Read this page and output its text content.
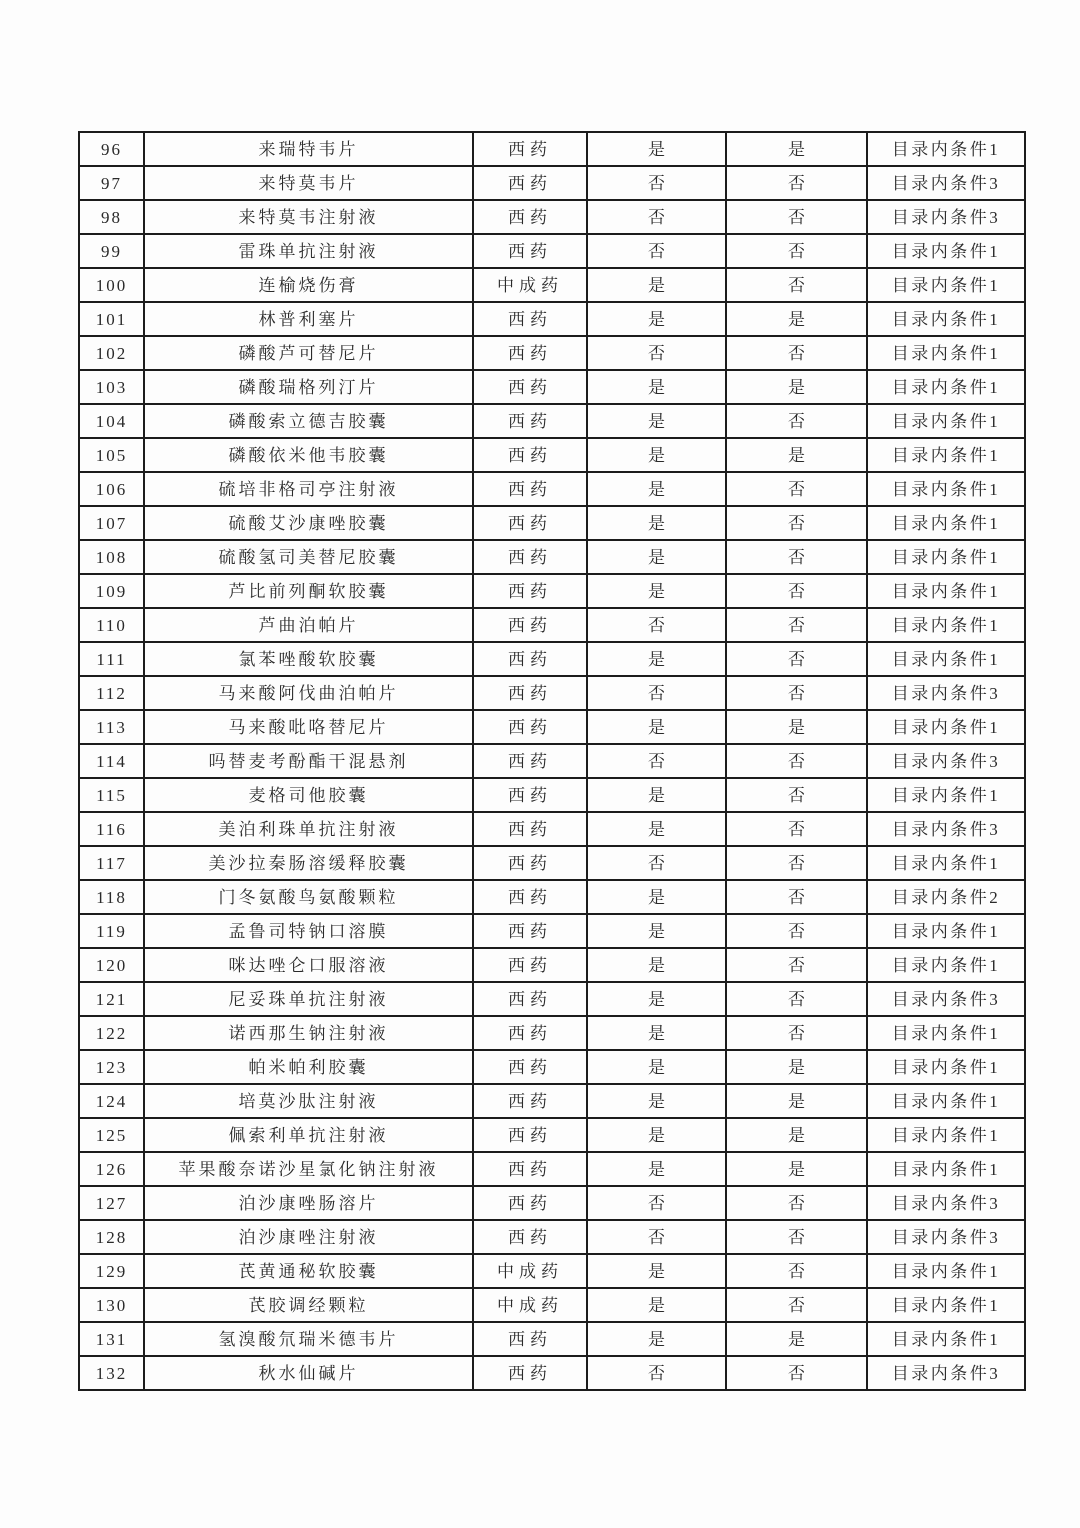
96	来瑞特韦片	西药	是	是	目录内条件1
97	来特莫韦片	西药	否	否	目录内条件3
98	来特莫韦注射液	西药	否	否	目录内条件3
99	雷珠单抗注射液	西药	否	否	目录内条件1
100	连榆烧伤膏	中成药	是	否	目录内条件1
101	林普利塞片	西药	是	是	目录内条件1
102	磷酸芦可替尼片	西药	否	否	目录内条件1
103	磷酸瑞格列汀片	西药	是	是	目录内条件1
104	磷酸索立德吉胶囊	西药	是	否	目录内条件1
105	磷酸依米他韦胶囊	西药	是	是	目录内条件1
106	硫培非格司亭注射液	西药	是	否	目录内条件1
107	硫酸艾沙康唑胶囊	西药	是	否	目录内条件1
108	硫酸氢司美替尼胶囊	西药	是	否	目录内条件1
109	芦比前列酮软胶囊	西药	是	否	目录内条件1
110	芦曲泊帕片	西药	否	否	目录内条件1
111	氯苯唑酸软胶囊	西药	是	否	目录内条件1
112	马来酸阿伐曲泊帕片	西药	否	否	目录内条件3
113	马来酸吡咯替尼片	西药	是	是	目录内条件1
114	吗替麦考酚酯干混悬剂	西药	否	否	目录内条件3
115	麦格司他胶囊	西药	是	否	目录内条件1
116	美泊利珠单抗注射液	西药	是	否	目录内条件3
117	美沙拉秦肠溶缓释胶囊	西药	否	否	目录内条件1
118	门冬氨酸鸟氨酸颗粒	西药	是	否	目录内条件2
119	孟鲁司特钠口溶膜	西药	是	否	目录内条件1
120	咪达唑仑口服溶液	西药	是	否	目录内条件1
121	尼妥珠单抗注射液	西药	是	否	目录内条件3
122	诺西那生钠注射液	西药	是	否	目录内条件1
123	帕米帕利胶囊	西药	是	是	目录内条件1
124	培莫沙肽注射液	西药	是	是	目录内条件1
125	佩索利单抗注射液	西药	是	是	目录内条件1
126	苹果酸奈诺沙星氯化钠注射液	西药	是	是	目录内条件1
127	泊沙康唑肠溶片	西药	否	否	目录内条件3
128	泊沙康唑注射液	西药	否	否	目录内条件3
129	芪黄通秘软胶囊	中成药	是	否	目录内条件1
130	芪胶调经颗粒	中成药	是	否	目录内条件1
131	氢溴酸氘瑞米德韦片	西药	是	是	目录内条件1
132	秋水仙碱片	西药	否	否	目录内条件3
